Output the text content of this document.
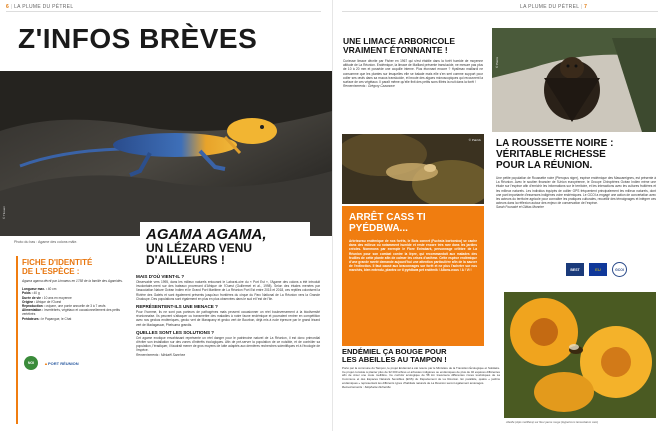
6 | LA PLUME DU PÉTREL
Z'INFOS BRÈVES
© Titouan
Photo du bas : Agame des colons mâle.	AGAMA AGAMA,
UN LÉZARD VENU
D'AILLEURS !
FICHE D'IDENTITÉ
DE L'ESPÈCE :
Agama agama décrit par Linnaeus en 1758 de la famille des Agamidés.
Longueur max. : 40 cm
Poids : 40 g
Durée de vie : 10 ans en moyenne
Origine : Afrique de l'Ouest
Reproduction : ovipare, une ponte annuelle de 3 à 7 œufs
Alimentation : invertébrés, végétaux et occasionnellement des petits vertébrés
Prédateurs : le Papangue, le Chat
NOI ▲PORT RÉUNION
MAIS D'OÙ VIENT-IL ?
Observable vers 1995, dans les milieux naturels entourant le Laborat-oire du « Port Est », l'Agame des colons a été introduit involontaire-ment sur des bateaux provenant d'Afrique de l'Ouest (Guillermet et al., 1998). Selon des études menées par l'association Nature Océan Indien et le Grand Port Maritime de La Réunion Port Est entre 2015 et 2018, ces reptiles colonisent la Rivière des Galets et sont également présents jusqu'aux frontières du cirque du Parc National de La Réunion vers la Grande Chaloupe. Des populations sont également en plus en plus observées dans le sud et l'est de l'île.
REPRÉSENTENT-ILS UNE MENACE ?
Pour l'homme, ils ne sont pas porteurs de pathogènes mais peuvent occasionner un réel bouleversement à la biodiversité réunionnaise. Ils peuvent s'attaquer ou transmettre des maladies à notre faune endémique et pourraient rentrer en compétition avec nos geckos endémiques, gecko vert de Manapany et gecko vert de Bourbon, déjà mis à rude épreuve par le grand lézard vert de Madagascar, Phelsuma grandis.
QUELLES SONT LES SOLUTIONS ?
Cet agame exotique envahissant représente un réel danger pour le patrimoine naturel de La Réunion, il est donc primordial d'éviter son installation sur des zones d'intérêts écologiques. Afin de pré-server la population de ce nuisible, et de contrôler sa population, l'éradiquer, il faudrait mener de gros moyens de lutte adaptés aux dernières recherches scientifiques et à l'écologie de l'espèce.
Remerciements : Mickaël Sanchez
LA PLUME DU PÉTREL | 7
UNE LIMACE ARBORICOLE
VRAIMENT ÉTONNANTE !
Curieuse limace décrite par Fisher en 1967 qui s'est établie dans la forêt humide de moyenne altitude de La Réunion. Endémique, la limace de Maillard présente translucide, ne mesure pas plus de 10 à 20 mm et possède une coquille interne. Plus étonnant encore ? Hyalimax maillardi ne consomme que les plantes sur lesquelles elle se balade mais elle s'en sert comme support pour coller ses œufs dans sa mucus translucide, et broute des algues microscopiques qui recouvrent la surface de ces végétaux. Il paraît même qu'elle finit des petits sons filtrés la nuit dans la forêt !
Remerciements : Grégory Cazanove
© Patrick
ARRÊT CASS TI
PYÉDBWA...
Arbrisseau endémique de nos forêts, le Bois connet (Fuchsia borbonica) se cache dans des milieux où notamment humide et reste encore très rare dans les jardins créoles. Nommons par exemple le Flore Extrabark, personnage célèbre de La Réunion pour son combat contre la lèpre, qui recommandait aux malades des feuilles de cette plante afin de calmer les crises d'asthme. Cette espèce endémique d'une grande rareté demande aujourd'hui une attention particulière afin de la sauver de l'extinction. Il faut causé aux braconnages sur forêt et ne plus l'acheter sur nos marchés, bien entendu, plantez ce ti pyédbwa pet endémik ! Allons-nous ! A ! Vi !
© Pierre
LA ROUSSETTE NOIRE :
VÉRITABLE RICHESSE
POUR LA RÉUNION.
Une petite population de Roussette noire (Pteropus niger), espèce endémique des Mascareignes, est présente à La Réunion. Avec le soutien financier de l'Union européenne, le Groupe Chiroptères Océan Indien mène une étude sur l'espèce afin d'enrichir les informations sur le territoire, et les interactions avec les cultures fruitières et les milieux naturels. Les individus équipés de collier GPS fréquentent principalement les milieux naturels, dont une part importante d'essences indigènes voire endémiques. Le GCOI a engagé une action de concertation avec les acteurs du territoire agricole pour connaître les pratiques culturales, recueillir des témoignages et intégrer ces acteurs dans la réflexion autour des enjeux de conservation de l'espèce.
Sarah Fourasté et Gildas Monnier
BEST	EU	GCOI
ENDÉMIEL ÇA BOUGE POUR
LES ABEILLES AU TAMPON !
Porté par la commune du Tampon, le projet Endémiel a été retenu par le Ministère de la Transition Écologique et Solidaire. Ce projet consiste à planter plus de 32 000 arbres et arbustes indigènes ou endémiques de plus de 40 espèces différentes afin de créer une route mellifère. Ce corridor écologique de 58 km traversera différentes zones touristiques de La Commune et des Espaces Naturels Sensibles (ENS) du Département de La Réunion. En parallèle, quatre « jardins endémiques » représentant les différents types d'habitats naturels de La Réunion seront également aménagés.
Remerciements : Stéphanie Dufrenille
Abeille (Apis mellifera) sur fleur jaune rouge (Hypericum lanceolatum cam)
